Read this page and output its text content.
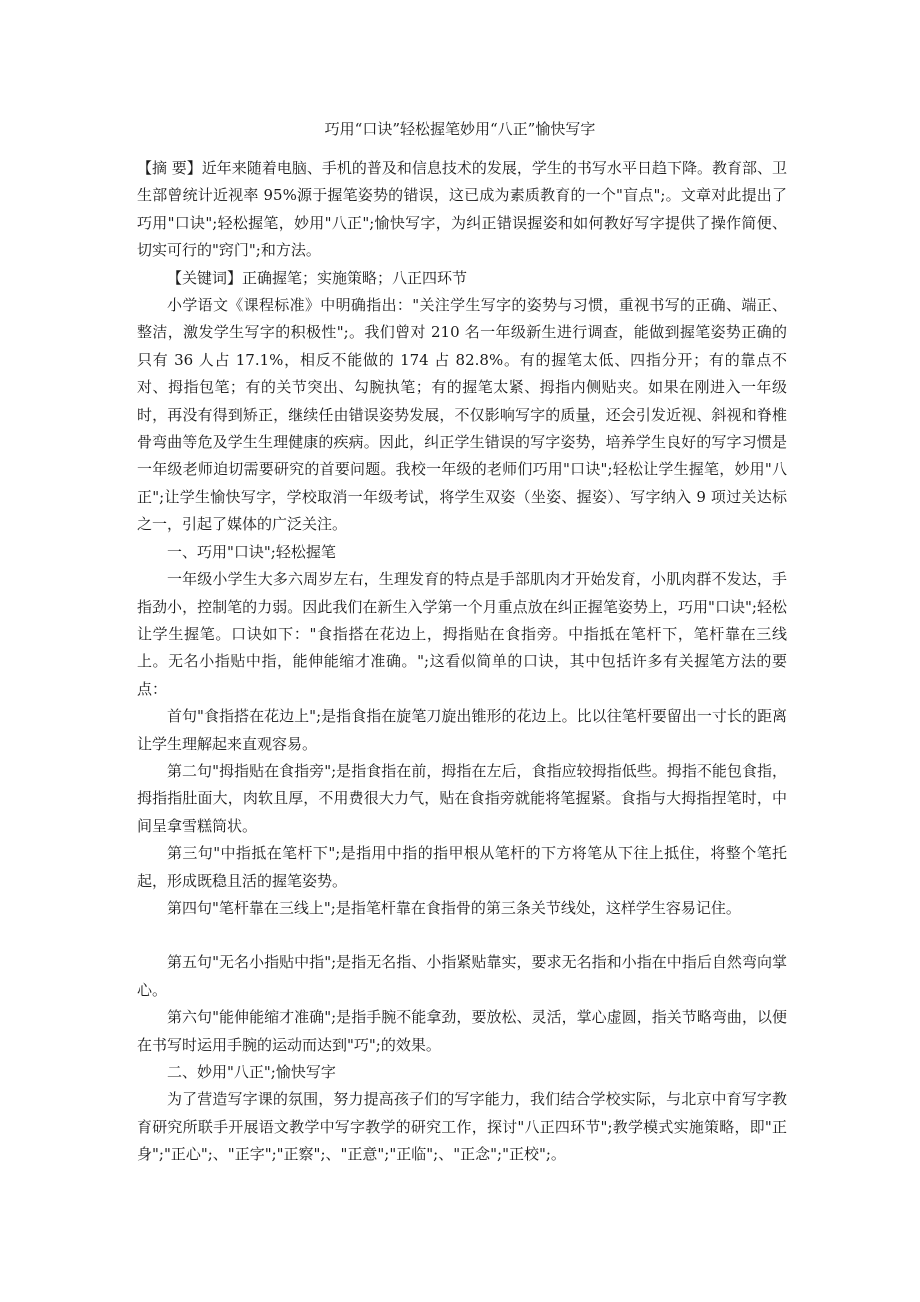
巧用“口诀”轻松握笔妙用“八正”愉快写字

【摘 要】近年来随着电脑、手机的普及和信息技术的发展，学生的书写水平日趋下降。教育部、卫生部曾统计近视率 95%源于握笔姿势的错误，这已成为素质教育的一个"盲点";。文章对此提出了巧用"口诀";轻松握笔，妙用"八正";愉快写字，为纠正错误握姿和如何教好写字提供了操作简便、切实可行的"窍门";和方法。

【关键词】正确握笔；实施策略；八正四环节

小学语文《课程标准》中明确指出："关注学生写字的姿势与习惯，重视书写的正确、端正、整洁，激发学生写字的积极性";。我们曾对 210 名一年级新生进行调查，能做到握笔姿势正确的只有 36 人占 17.1%，相反不能做的 174 占 82.8%。有的握笔太低、四指分开；有的靠点不对、拇指包笔；有的关节突出、勾腕执笔；有的握笔太紧、拇指内侧贴夹。如果在刚进入一年级时，再没有得到矫正，继续任由错误姿势发展，不仅影响写字的质量，还会引发近视、斜视和脊椎骨弯曲等危及学生生理健康的疾病。因此，纠正学生错误的写字姿势，培养学生良好的写字习惯是一年级老师迫切需要研究的首要问题。我校一年级的老师们巧用"口诀";轻松让学生握笔，妙用"八正";让学生愉快写字，学校取消一年级考试，将学生双姿（坐姿、握姿）、写字纳入 9 项过关达标之一，引起了媒体的广泛关注。

一、巧用"口诀";轻松握笔

一年级小学生大多六周岁左右，生理发育的特点是手部肌肉才开始发育，小肌肉群不发达，手指劲小，控制笔的力弱。因此我们在新生入学第一个月重点放在纠正握笔姿势上，巧用"口诀";轻松让学生握笔。口诀如下："食指搭在花边上，拇指贴在食指旁。中指抵在笔杆下，笔杆靠在三线上。无名小指贴中指，能伸能缩才准确。";这看似简单的口诀，其中包括许多有关握笔方法的要点：

首句"食指搭在花边上";是指食指在旋笔刀旋出锥形的花边上。比以往笔杆要留出一寸长的距离让学生理解起来直观容易。

第二句"拇指贴在食指旁";是指食指在前，拇指在左后，食指应较拇指低些。拇指不能包食指，拇指指肚面大，肉软且厚，不用费很大力气，贴在食指旁就能将笔握紧。食指与大拇指捏笔时，中间呈拿雪糕筒状。

第三句"中指抵在笔杆下";是指用中指的指甲根从笔杆的下方将笔从下往上抵住，将整个笔托起，形成既稳且活的握笔姿势。

第四句"笔杆靠在三线上";是指笔杆靠在食指骨的第三条关节线处，这样学生容易记住。

第五句"无名小指贴中指";是指无名指、小指紧贴靠实，要求无名指和小指在中指后自然弯向掌心。

第六句"能伸能缩才准确";是指手腕不能拿劲，要放松、灵活，掌心虚圆，指关节略弯曲，以便在书写时运用手腕的运动而达到"巧";的效果。

二、妙用"八正";愉快写字

为了营造写字课的氛围，努力提高孩子们的写字能力，我们结合学校实际，与北京中育写字教育研究所联手开展语文教学中写字教学的研究工作，探讨"八正四环节";教学模式实施策略，即"正身";"正心";、"正字";"正察";、"正意";"正临";、"正念";"正校";。
